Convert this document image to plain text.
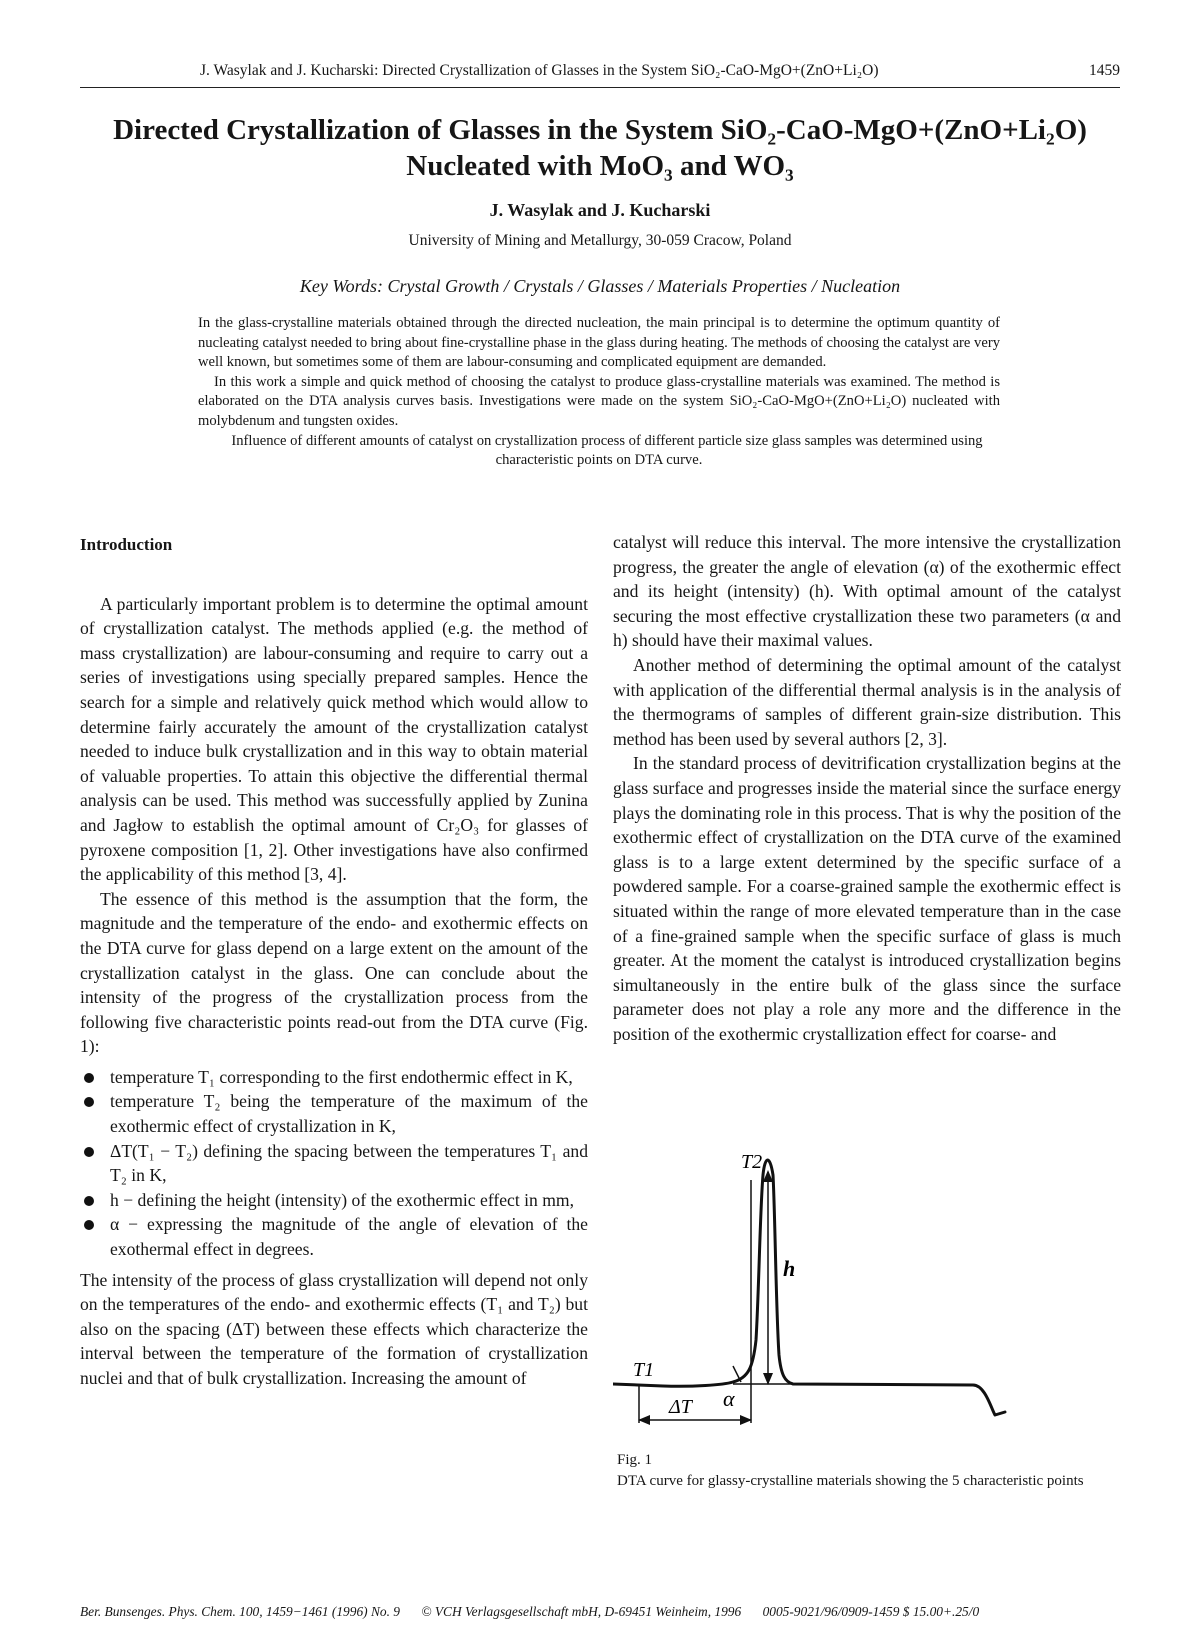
J. Wasylak and J. Kucharski: Directed Crystallization of Glasses in the System SiO₂-CaO-MgO+(ZnO+Li₂O)	1459
Directed Crystallization of Glasses in the System SiO₂-CaO-MgO+(ZnO+Li₂O)
Nucleated with MoO₃ and WO₃
J. Wasylak and J. Kucharski
University of Mining and Metallurgy, 30-059 Cracow, Poland
Key Words: Crystal Growth / Crystals / Glasses / Materials Properties / Nucleation

In the glass-crystalline materials obtained through the directed nucleation, the main principal is to determine the optimum quantity of nucleating catalyst needed to bring about fine-crystalline phase in the glass during heating. The methods of choosing the catalyst are very well known, but sometimes some of them are labour-consuming and complicated equipment are demanded.

In this work a simple and quick method of choosing the catalyst to produce glass-crystalline materials was examined. The method is elaborated on the DTA analysis curves basis. Investigations were made on the system SiO₂-CaO-MgO+(ZnO+Li₂O) nucleated with molybdenum and tungsten oxides.

Influence of different amounts of catalyst on crystallization process of different particle size glass samples was determined using characteristic points on DTA curve.

Introduction

A particularly important problem is to determine the optimal amount of crystallization catalyst. The methods applied (e.g. the method of mass crystallization) are labour-consuming and require to carry out a series of investigations using specially prepared samples. Hence the search for a simple and relatively quick method which would allow to determine fairly accurately the amount of the crystallization catalyst needed to induce bulk crystallization and in this way to obtain material of valuable properties. To attain this objective the differential thermal analysis can be used. This method was successfully applied by Zunina and Jagłow to establish the optimal amount of Cr₂O₃ for glasses of pyroxene composition [1, 2]. Other investigations have also confirmed the applicability of this method [3, 4].

The essence of this method is the assumption that the form, the magnitude and the temperature of the endo- and exothermic effects on the DTA curve for glass depend on a large extent on the amount of the crystallization catalyst in the glass. One can conclude about the intensity of the progress of the crystallization process from the following five characteristic points read-out from the DTA curve (Fig. 1):

temperature T₁ corresponding to the first endothermic effect in K,
temperature T₂ being the temperature of the maximum of the exothermic effect of crystallization in K,
ΔT(T₁ − T₂) defining the spacing between the temperatures T₁ and T₂ in K,
h − defining the height (intensity) of the exothermic effect in mm,
α − expressing the magnitude of the angle of elevation of the exothermal effect in degrees.

The intensity of the process of glass crystallization will depend not only on the temperatures of the endo- and exothermic effects (T₁ and T₂) but also on the spacing (ΔT) between these effects which characterize the interval between the temperature of the formation of crystallization nuclei and that of bulk crystallization. Increasing the amount of

catalyst will reduce this interval. The more intensive the crystallization progress, the greater the angle of elevation (α) of the exothermic effect and its height (intensity) (h). With optimal amount of the catalyst securing the most effective crystallization these two parameters (α and h) should have their maximal values.

Another method of determining the optimal amount of the catalyst with application of the differential thermal analysis is in the analysis of the thermograms of samples of different grain-size distribution. This method has been used by several authors [2, 3].

In the standard process of devitrification crystallization begins at the glass surface and progresses inside the material since the surface energy plays the dominating role in this process. That is why the position of the exothermic effect of crystallization on the DTA curve of the examined glass is to a large extent determined by the specific surface of a powdered sample. For a coarse-grained sample the exothermic effect is situated within the range of more elevated temperature than in the case of a fine-grained sample when the specific surface of glass is much greater. At the moment the catalyst is introduced crystallization begins simultaneously in the entire bulk of the glass since the surface parameter does not play a role any more and the difference in the position of the exothermic crystallization effect for coarse- and

T2
h
T1
α
ΔT
Fig. 1
DTA curve for glassy-crystalline materials showing the 5 characteristic points
Ber. Bunsenges. Phys. Chem. 100, 1459−1461 (1996) No. 9 © VCH Verlagsgesellschaft mbH, D-69451 Weinheim, 1996 0005-9021/96/0909-1459 $ 15.00+.25/0
